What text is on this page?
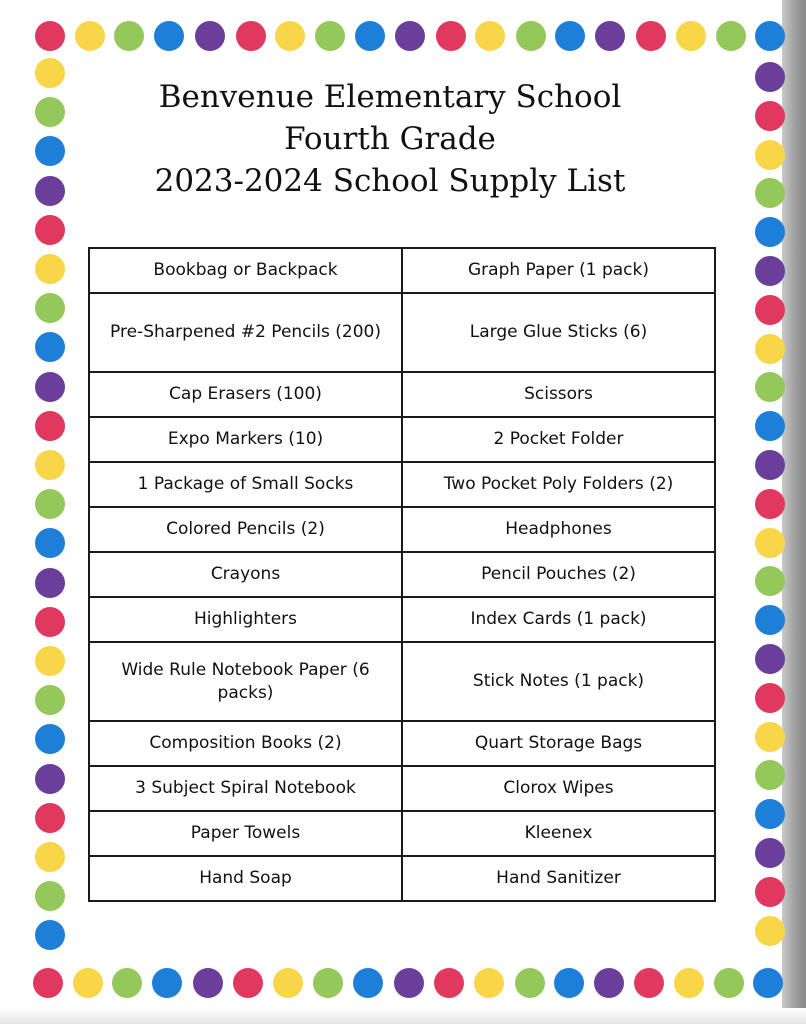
Benvenue Elementary School
Fourth Grade
2023-2024 School Supply List
Bookbag or Backpack	Graph Paper (1 pack)
Pre-Sharpened #2 Pencils (200)	Large Glue Sticks (6)
Cap Erasers (100)	Scissors
Expo Markers (10)	2 Pocket Folder
1 Package of Small Socks	Two Pocket Poly Folders (2)
Colored Pencils (2)	Headphones
Crayons	Pencil Pouches (2)
Highlighters	Index Cards (1 pack)
Wide Rule Notebook Paper (6 packs)	Stick Notes (1 pack)
Composition Books (2)	Quart Storage Bags
3 Subject Spiral Notebook	Clorox Wipes
Paper Towels	Kleenex
Hand Soap	Hand Sanitizer
